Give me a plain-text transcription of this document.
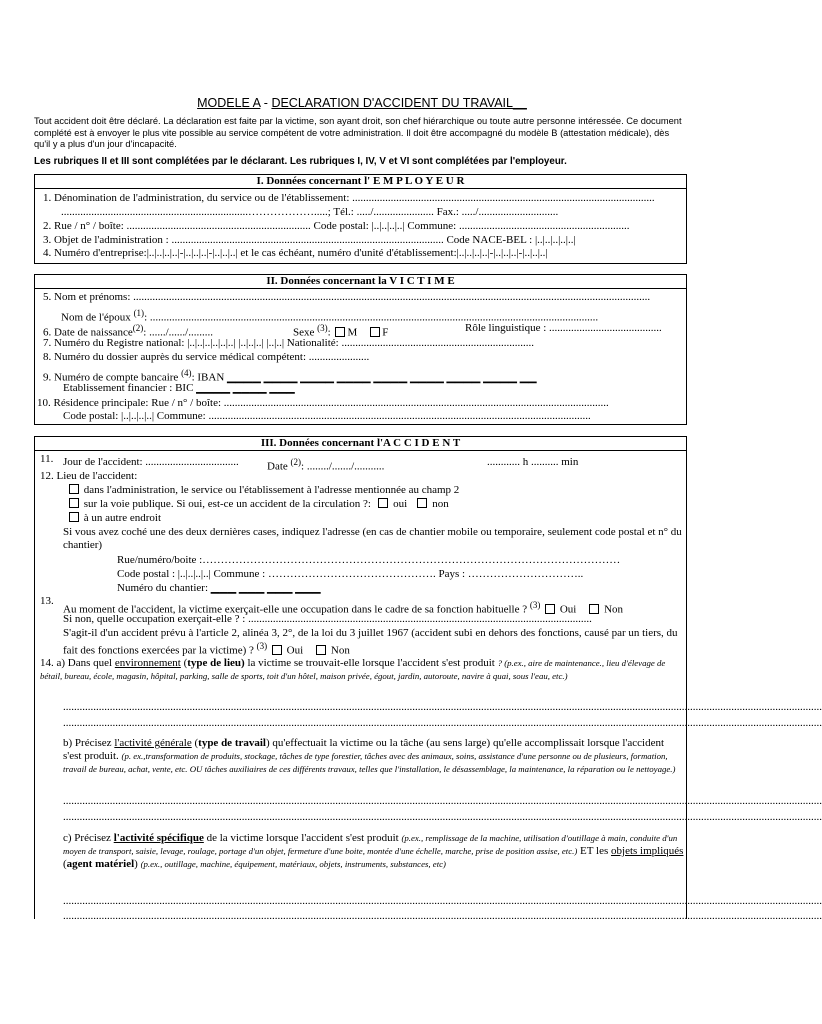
MODELE A - DECLARATION D'ACCIDENT DU TRAVAIL__
Tout accident doit être déclaré. La déclaration est faite par la victime, son ayant droit, son chef hiérarchique ou toute autre personne intéressée. Ce document complété est à envoyer le plus vite possible au service compétent de votre administration. Il doit être accompagné du modèle B (attestation médicale), dès qu'il y a plus d'un jour d'incapacité.
Les rubriques II et III sont complétées par le déclarant. Les rubriques I, IV, V et VI sont complétées par l'employeur.
I. Données concernant l' E M P L O Y E U R
1. Dénomination de l'administration, du service ou de l'établissement: ..............................................................................................................
....................................................................……………….....; Tél.: ...../...................... Fax.: ...../.............................
2. Rue / n° / boîte: ................................................................... Code postal: |..|..|..|..| Commune: ..............................................................
3. Objet de l'administration : ................................................................................................... Code NACE-BEL : |..|..|..|..|..|
4. Numéro d'entreprise:|..|..|..|..|-|..|..|..|-|..|..|..| et le cas échéant, numéro d'unité d'établissement:|..|..|..|..|-|..|..|..|-|..|..|..|
II. Données concernant la V I C T I M E
5. Nom et prénoms: ............................................................................................................................................................................................
Nom de l'époux $^{(1)}$: ...................................................................................................................................................................
6. Date de naissance$^{(2)}$: ....../....../.........	Sexe $^{(3)}$: M F	Rôle linguistique : .........................................
7. Numéro du Registre national: |..|..|..|..|..|..| |..|..|..| |..|..| Nationalité: ......................................................................
8. Numéro du dossier auprès du service médical compétent: ......................
9. Numéro de compte bancaire $^{(4)}$: IBAN ▁▁▁▁ ▁▁▁▁ ▁▁▁▁ ▁▁▁▁ ▁▁▁▁ ▁▁▁▁ ▁▁▁▁ ▁▁▁▁ ▁▁
Etablissement financier : BIC ▁▁▁▁ ▁▁▁▁ ▁▁▁
10. Résidence principale: Rue / n° / boîte: ............................................................................................................................................
Code postal: |..|..|..|..| Commune: ...........................................................................................................................................
III. Données concernant l'A C C I D E N T
11. Jour de l'accident: ..................................	Date $^{(2)}$: ......../......./...........	............ h .......... min
12. Lieu de l'accident:
dans l'administration, le service ou l'établissement à l'adresse mentionnée au champ 2
sur la voie publique. Si oui, est-ce un accident de la circulation ?: oui non
à un autre endroit
Si vous avez coché une des deux dernières cases, indiquez l'adresse (en cas de chantier mobile ou temporaire, seulement code postal et n° du chantier)
Rue/numéro/boite :……………………………………………………………………………………………………
Code postal : |..|..|..|..| Commune : ………………………………………. Pays : …………………………..
Numéro du chantier: ▁▁▁ ▁▁▁ ▁▁▁ ▁▁▁
13.
Au moment de l'accident, la victime exerçait-elle une occupation dans le cadre de sa fonction habituelle ? $^{(3)}$ Oui	Non
Si non, quelle occupation exerçait-elle ? : .............................................................................................................................
S'agit-il d'un accident prévu à l'article 2, alinéa 3, 2°, de la loi du 3 juillet 1967 (accident subi en dehors des fonctions, causé par un tiers, du fait des fonctions exercées par la victime) ? $^{(3)}$ Oui	Non
14. a) Dans quel environnement (type de lieu) la victime se trouvait-elle lorsque l'accident s'est produit ? (p.ex., aire de maintenance., lieu d'élevage de bétail, bureau, école, magasin, hôpital, parking, salle de sports, toit d'un hôtel, maison privée, égout, jardin, autoroute, navire à quai, sous l'eau, etc.)
....................................................................................................................................................................................................................................................................................
....................................................................................................................................................................................................................................................................................
b) Précisez l'activité générale (type de travail) qu'effectuait la victime ou la tâche (au sens large) qu'elle accomplissait lorsque l'accident s'est produit. (p. ex.,transformation de produits, stockage, tâches de type forestier, tâches avec des animaux, soins, assistance d'une personne ou de plusieurs, formation, travail de bureau, achat, vente, etc. OU tâches auxiliaires de ces différents travaux, telles que l'installation, le désassemblage, la maintenance, la réparation ou le nettoyage.)
....................................................................................................................................................................................................................................................................................
....................................................................................................................................................................................................................................................................................
c) Précisez l'activité spécifique de la victime lorsque l'accident s'est produit (p.ex., remplissage de la machine, utilisation d'outillage à main, conduite d'un moyen de transport, saisie, levage, roulage, portage d'un objet, fermeture d'une boite, montée d'une échelle, marche, prise de position assise, etc.) ET les objets impliqués (agent matériel) (p.ex., outillage, machine, équipement, matériaux, objets, instruments, substances, etc)
....................................................................................................................................................................................................................................................................................
....................................................................................................................................................................................................................................................................................
